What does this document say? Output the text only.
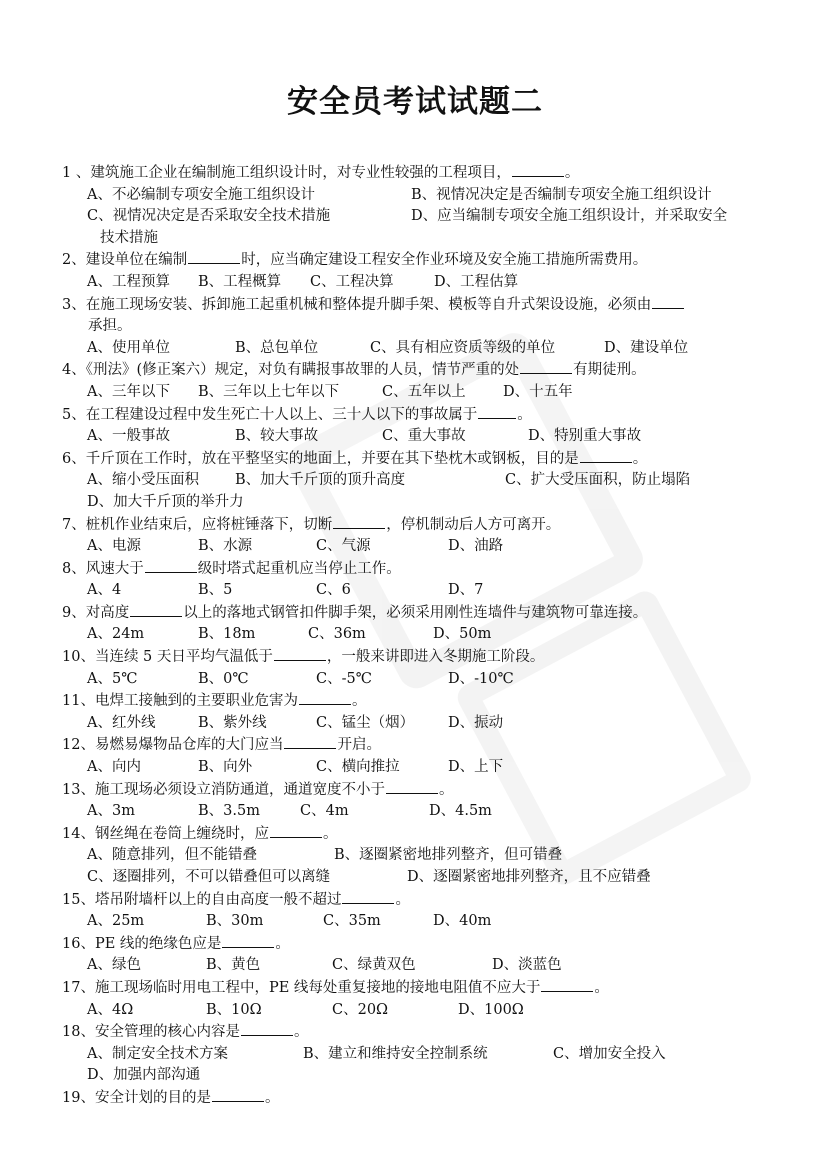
安全员考试试题二

1 、建筑施工企业在编制施工组织设计时，对专业性较强的工程项目，	。

A、不必编制专项安全施工组织设计	B、视情况决定是否编制专项安全施工组织设计

C、视情况决定是否采取安全技术措施	D、应当编制专项安全施工组织设计，并采取安全

技术措施

2、建设单位在编制	时，应当确定建设工程安全作业环境及安全施工措施所需费用。

A、工程预算 B、工程概算 C、工程决算	D、工程估算

3、在施工现场安装、拆卸施工起重机械和整体提升脚手架、模板等自升式架设设施，必须由

承担。

A、使用单位	B、总包单位	C、具有相应资质等级的单位	D、建设单位

4、《刑法》(修正案六）规定，对负有瞒报事故罪的人员，情节严重的处	有期徒刑。

A、三年以下 B、三年以上七年以下	C、五年以上	D、十五年

5、在工程建设过程中发生死亡十人以上、三十人以下的事故属于	。

A、一般事故	B、较大事故	C、重大事故	D、特别重大事故

6、千斤顶在工作时，放在平整坚实的地面上，并要在其下垫枕木或钢板，目的是	。

A、缩小受压面积 B、加大千斤顶的顶升高度	C、扩大受压面积，防止塌陷

D、加大千斤顶的举升力

7、桩机作业结束后，应将桩锤落下，切断	，停机制动后人方可离开。

A、电源	B、水源	C、气源	D、油路

8、风速大于	级时塔式起重机应当停止工作。

A、4	B、5	C、6	D、7

9、对高度	以上的落地式钢管扣件脚手架，必须采用刚性连墙件与建筑物可靠连接。

A、24m	B、18m	C、36m	D、50m

10、当连续 5 天日平均气温低于	，一般来讲即进入冬期施工阶段。

A、5℃	B、0℃	C、-5℃	D、-10℃

11、电焊工接触到的主要职业危害为	。

A、红外线	B、紫外线	C、锰尘（烟） D、振动

12、易燃易爆物品仓库的大门应当	开启。

A、向内	B、向外	C、横向推拉	D、上下

13、施工现场必须设立消防通道，通道宽度不小于	。

A、3m	B、3.5m	C、4m	D、4.5m

14、钢丝绳在卷筒上缠绕时，应	。

A、随意排列，但不能错叠	B、逐圈紧密地排列整齐，但可错叠

C、逐圈排列，不可以错叠但可以离缝	D、逐圈紧密地排列整齐，且不应错叠

15、塔吊附墙杆以上的自由高度一般不超过	。

A、25m	B、30m	C、35m	D、40m

16、PE 线的绝缘色应是	。

A、绿色	B、黄色	C、绿黄双色	D、淡蓝色

17、施工现场临时用电工程中，PE 线每处重复接地的接地电阻值不应大于	。

A、4Ω	B、10Ω	C、20Ω	D、100Ω

18、安全管理的核心内容是	。

A、制定安全技术方案	B、建立和维持安全控制系统	C、增加安全投入

D、加强内部沟通

19、安全计划的目的是	。
